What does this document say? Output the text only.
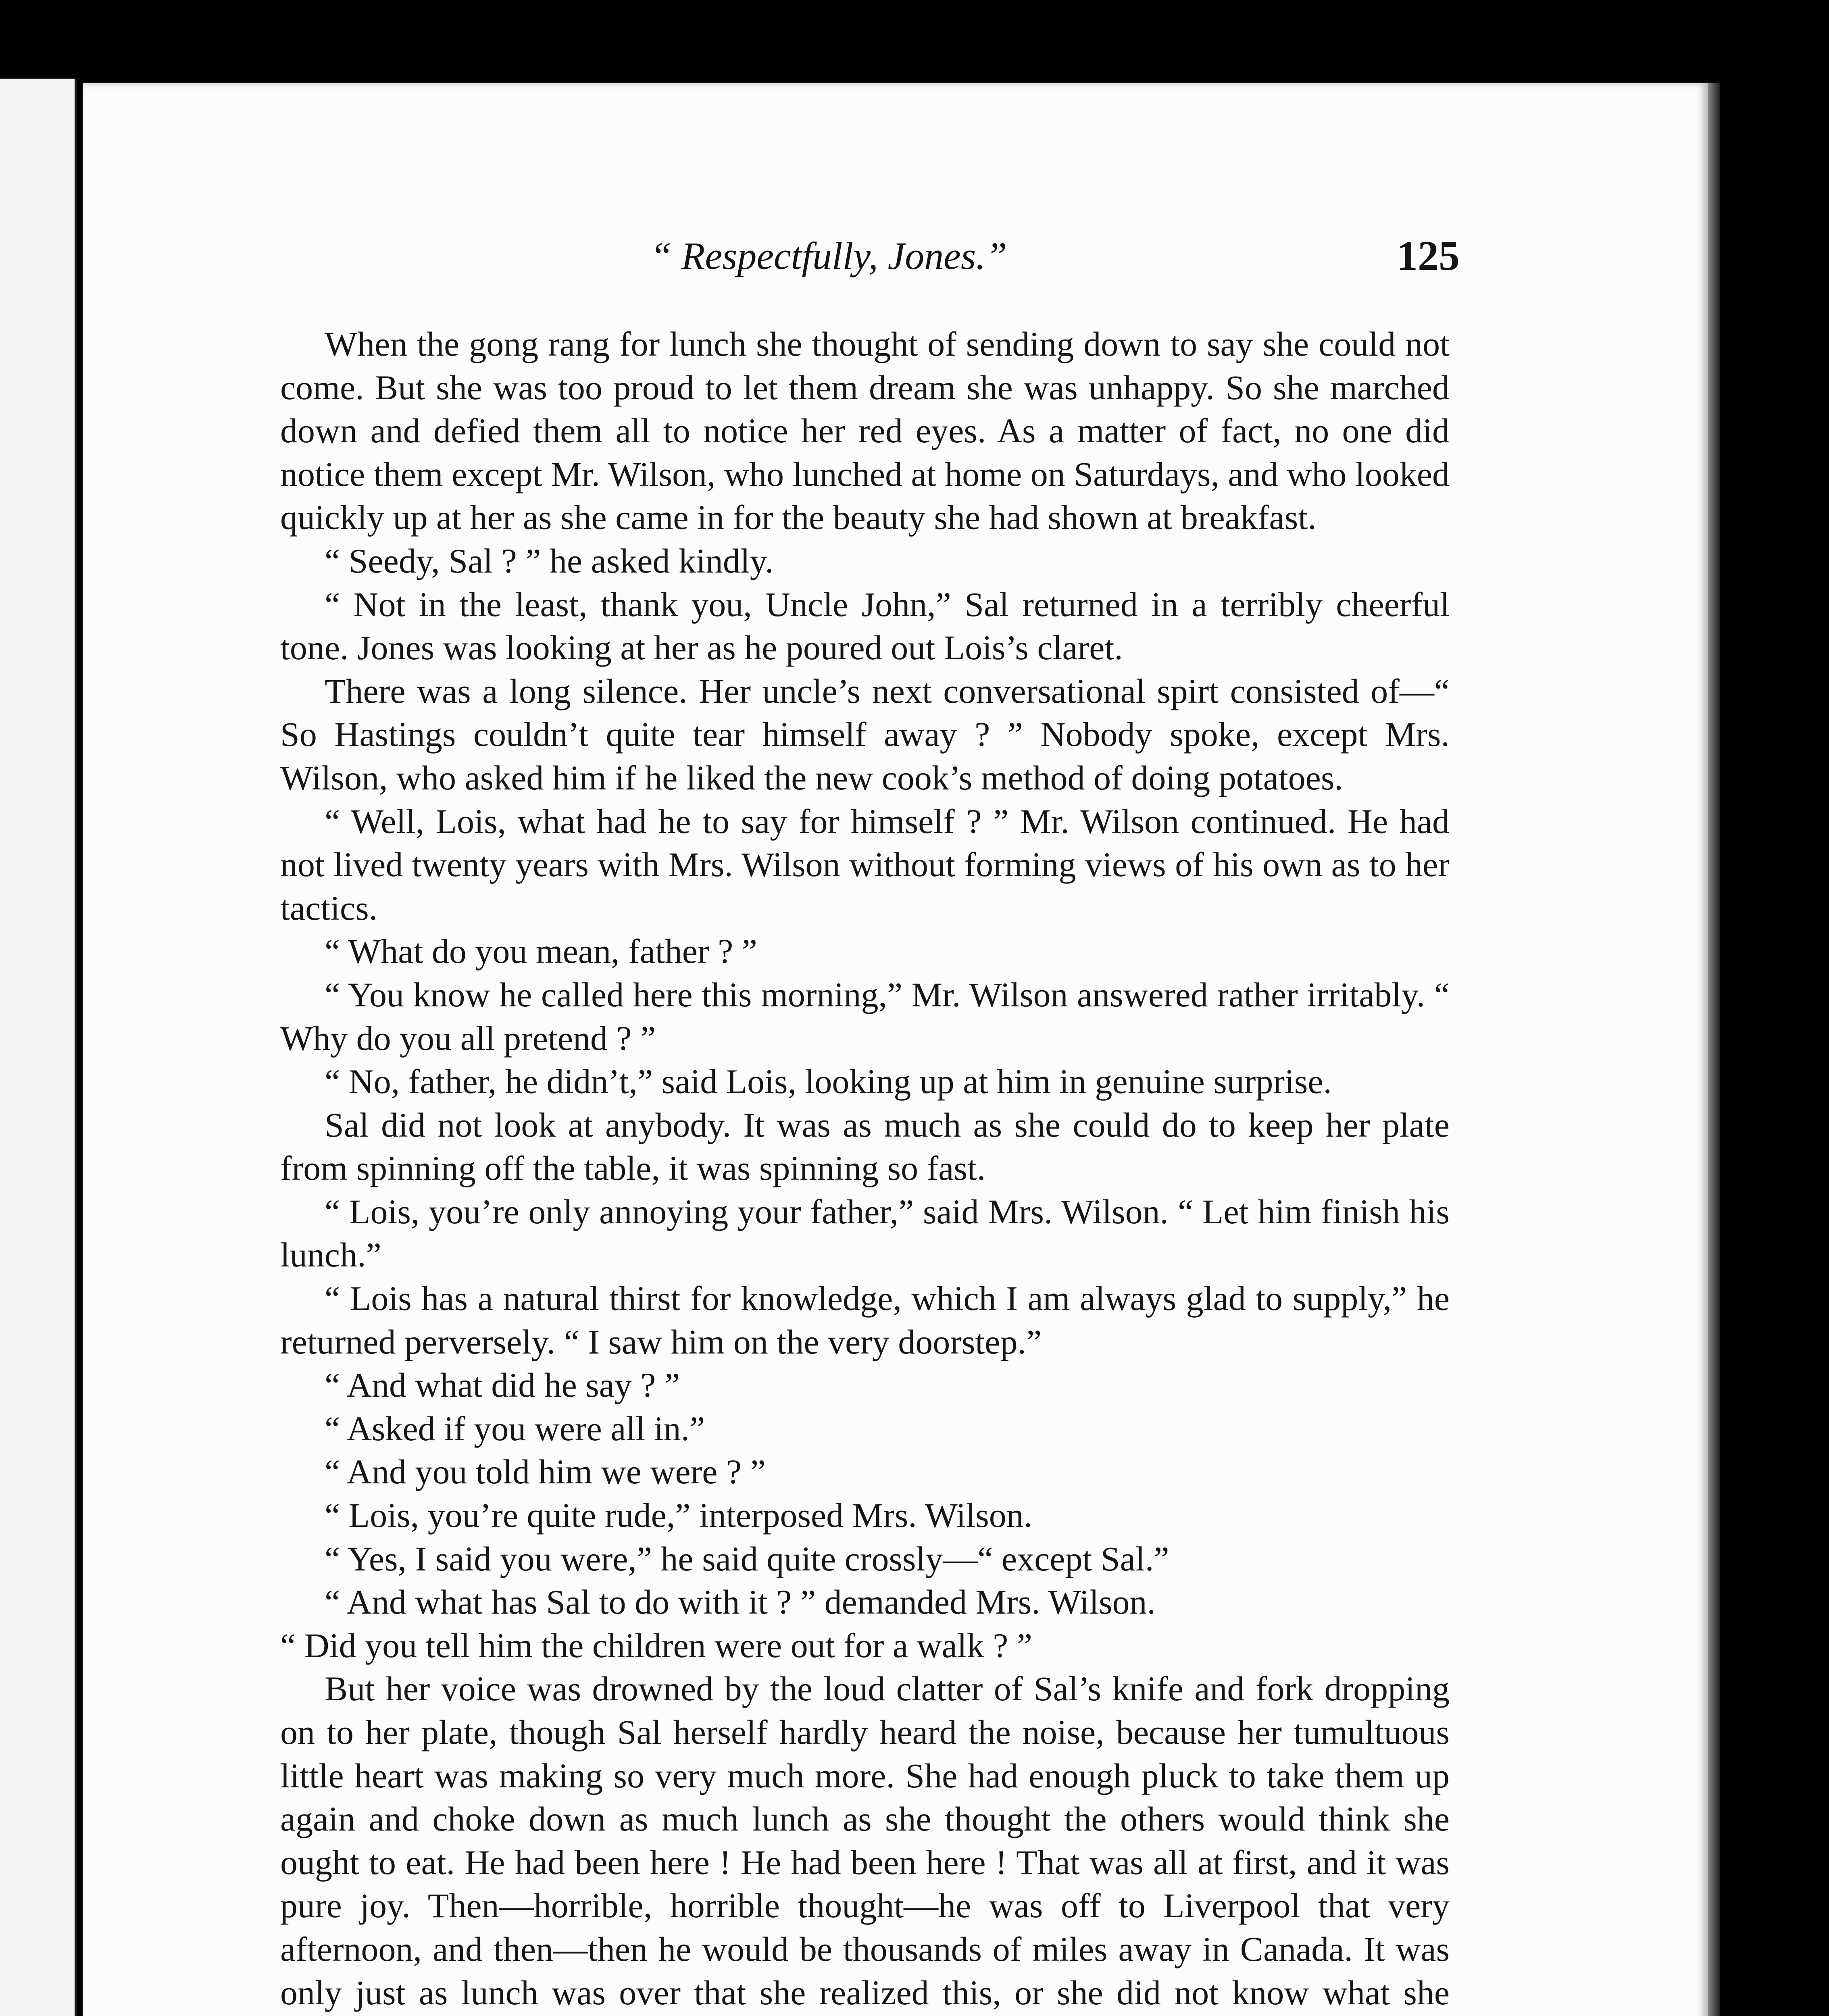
“ Respectfully, Jones.”	125

When the gong rang for lunch she thought of sending down to say she could not come. But she was too proud to let them dream she was unhappy. So she marched down and defied them all to notice her red eyes. As a matter of fact, no one did notice them except Mr. Wilson, who lunched at home on Saturdays, and who looked quickly up at her as she came in for the beauty she had shown at breakfast.

“ Seedy, Sal ? ” he asked kindly.

“ Not in the least, thank you, Uncle John,” Sal returned in a terribly cheerful tone. Jones was looking at her as he poured out Lois’s claret.

There was a long silence. Her uncle’s next conversational spirt consisted of—“ So Hastings couldn’t quite tear himself away ? ” Nobody spoke, except Mrs. Wilson, who asked him if he liked the new cook’s method of doing potatoes.

“ Well, Lois, what had he to say for himself ? ” Mr. Wilson continued. He had not lived twenty years with Mrs. Wilson without forming views of his own as to her tactics.

“ What do you mean, father ? ”

“ You know he called here this morning,” Mr. Wilson answered rather irritably. “ Why do you all pretend ? ”

“ No, father, he didn’t,” said Lois, looking up at him in genuine surprise.

Sal did not look at anybody. It was as much as she could do to keep her plate from spinning off the table, it was spinning so fast.

“ Lois, you’re only annoying your father,” said Mrs. Wilson. “ Let him finish his lunch.”

“ Lois has a natural thirst for knowledge, which I am always glad to supply,” he returned perversely. “ I saw him on the very doorstep.”

“ And what did he say ? ”

“ Asked if you were all in.”

“ And you told him we were ? ”

“ Lois, you’re quite rude,” interposed Mrs. Wilson.

“ Yes, I said you were,” he said quite crossly—“ except Sal.”

“ And what has Sal to do with it ? ” demanded Mrs. Wilson.

“ Did you tell him the children were out for a walk ? ”

But her voice was drowned by the loud clatter of Sal’s knife and fork dropping on to her plate, though Sal herself hardly heard the noise, because her tumultuous little heart was making so very much more. She had enough pluck to take them up again and choke down as much lunch as she thought the others would think she ought to eat. He had been here ! He had been here ! That was all at first, and it was pure joy. Then—horrible, horrible thought—he was off to Liverpool that very afternoon, and then—then he would be thousands of miles away in Canada. It was only just as lunch was over that she realized this, or she did not know what she
